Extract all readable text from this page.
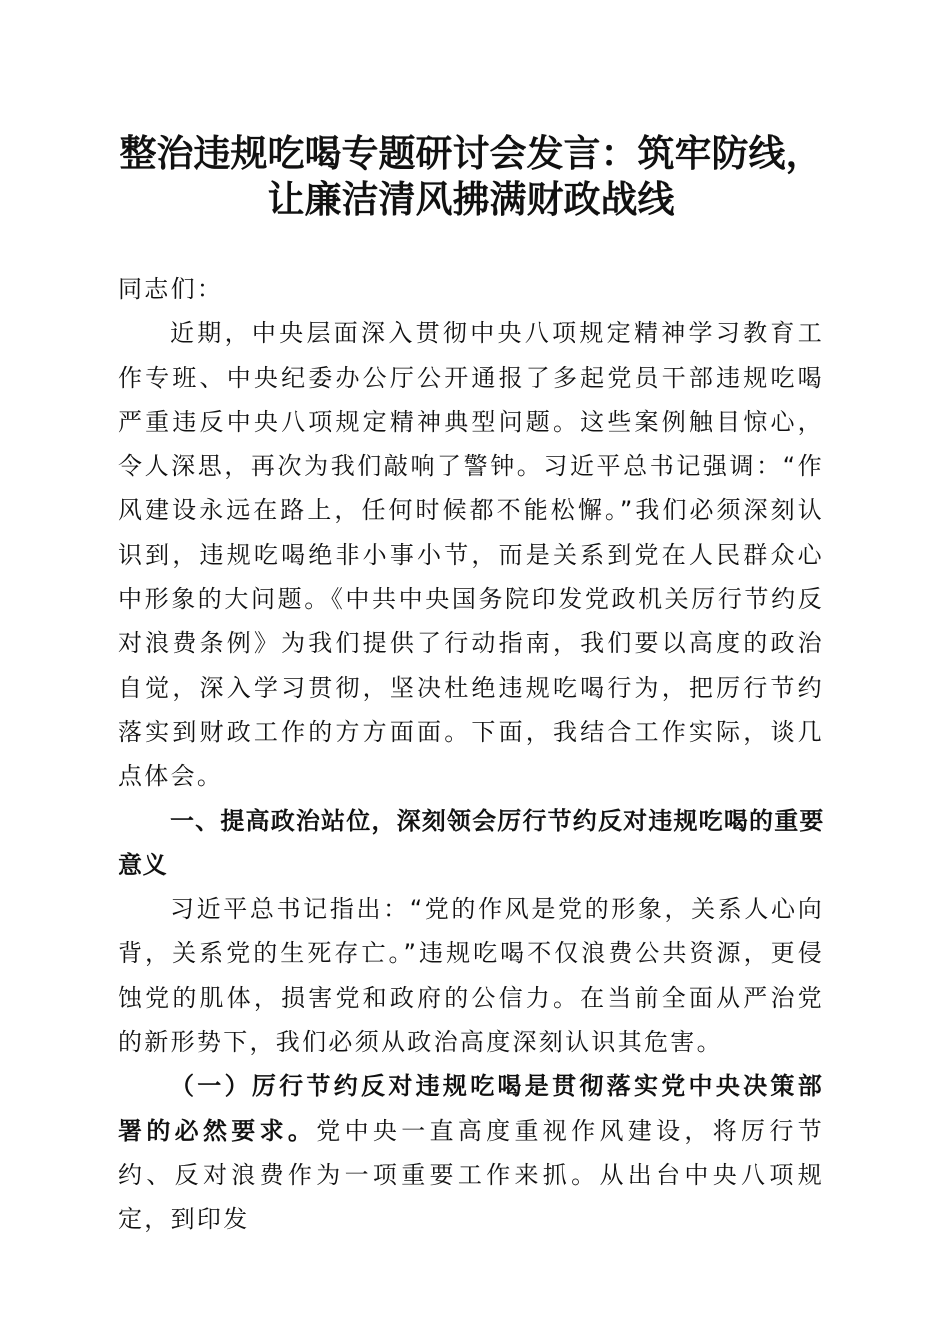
整治违规吃喝专题研讨会发言：筑牢防线，让廉洁清风拂满财政战线

同志们：

近期，中央层面深入贯彻中央八项规定精神学习教育工作专班、中央纪委办公厅公开通报了多起党员干部违规吃喝严重违反中央八项规定精神典型问题。这些案例触目惊心，令人深思，再次为我们敲响了警钟。习近平总书记强调：“作风建设永远在路上，任何时候都不能松懈。”我们必须深刻认识到，违规吃喝绝非小事小节，而是关系到党在人民群众心中形象的大问题。《中共中央国务院印发党政机关厉行节约反对浪费条例》为我们提供了行动指南，我们要以高度的政治自觉，深入学习贯彻，坚决杜绝违规吃喝行为，把厉行节约落实到财政工作的方方面面。下面，我结合工作实际，谈几点体会。

一、提高政治站位，深刻领会厉行节约反对违规吃喝的重要意义

习近平总书记指出：“党的作风是党的形象，关系人心向背，关系党的生死存亡。”违规吃喝不仅浪费公共资源，更侵蚀党的肌体，损害党和政府的公信力。在当前全面从严治党的新形势下，我们必须从政治高度深刻认识其危害。

（一）厉行节约反对违规吃喝是贯彻落实党中央决策部署的必然要求。党中央一直高度重视作风建设，将厉行节约、反对浪费作为一项重要工作来抓。从出台中央八项规定，到印发
